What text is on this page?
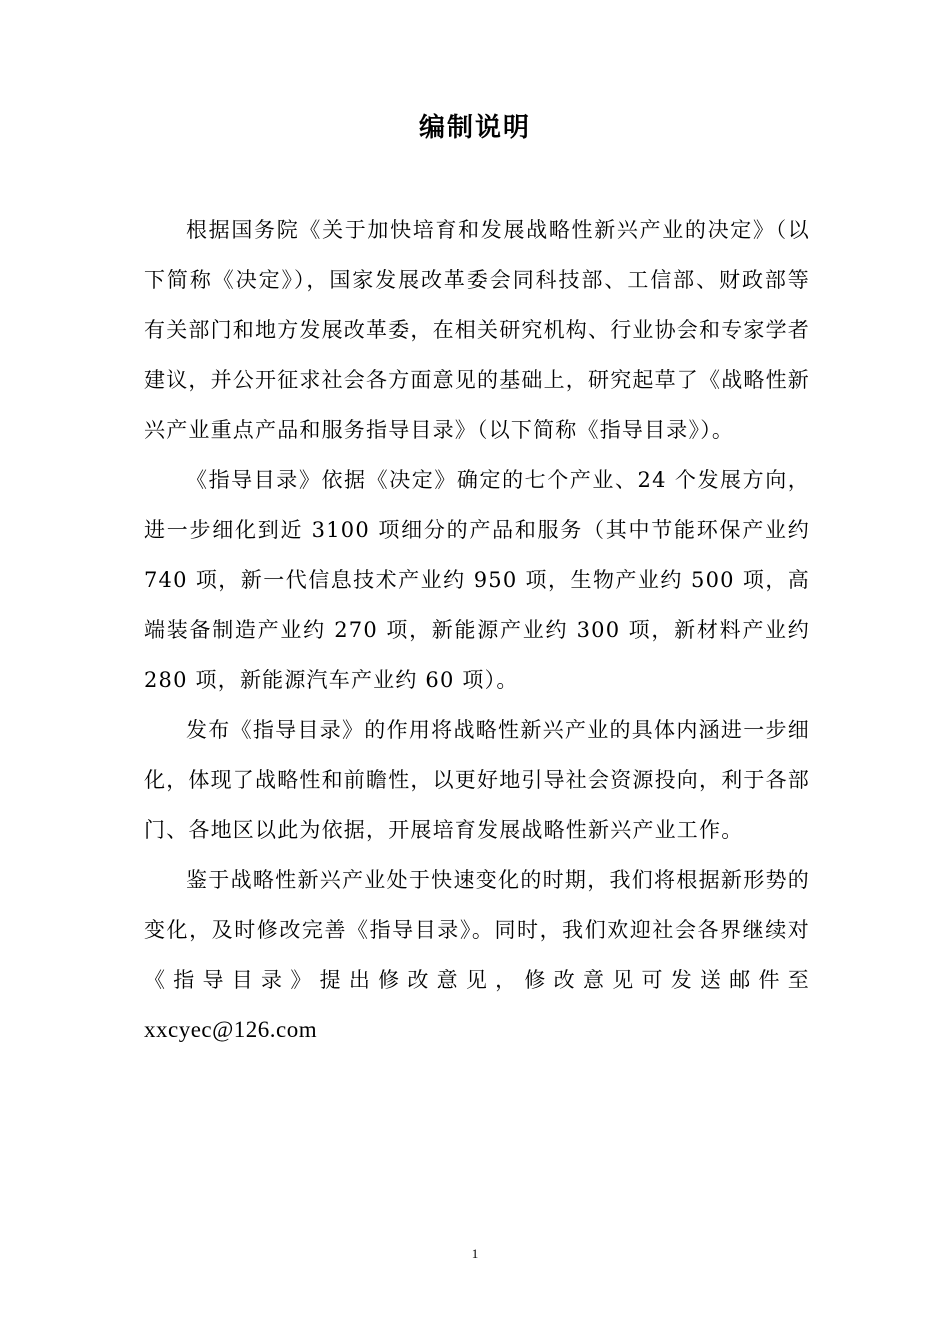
编制说明

根据国务院《关于加快培育和发展战略性新兴产业的决定》（以下简称《决定》），国家发展改革委会同科技部、工信部、财政部等有关部门和地方发展改革委，在相关研究机构、行业协会和专家学者建议，并公开征求社会各方面意见的基础上，研究起草了《战略性新兴产业重点产品和服务指导目录》（以下简称《指导目录》）。

《指导目录》依据《决定》确定的七个产业、24 个发展方向，进一步细化到近 3100 项细分的产品和服务（其中节能环保产业约 740 项，新一代信息技术产业约 950 项，生物产业约 500 项，高端装备制造产业约 270 项，新能源产业约 300 项，新材料产业约 280 项，新能源汽车产业约 60 项）。

发布《指导目录》的作用将战略性新兴产业的具体内涵进一步细化，体现了战略性和前瞻性，以更好地引导社会资源投向，利于各部门、各地区以此为依据，开展培育发展战略性新兴产业工作。

鉴于战略性新兴产业处于快速变化的时期，我们将根据新形势的变化，及时修改完善《指导目录》。同时，我们欢迎社会各界继续对《指导目录》提出修改意见，修改意见可发送邮件至xxcyec@126.com

1
